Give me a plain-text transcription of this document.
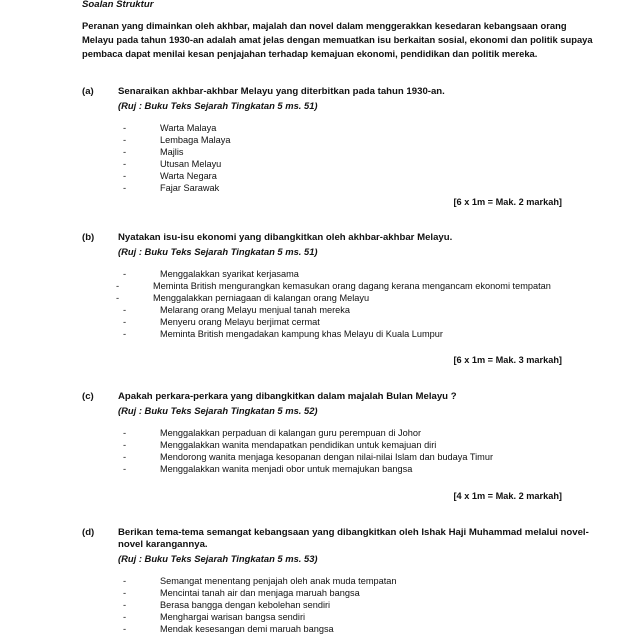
Soalan Struktur
Peranan yang dimainkan oleh akhbar, majalah dan novel dalam menggerakkan kesedaran kebangsaan orang
Melayu pada tahun 1930-an adalah amat jelas dengan memuatkan isu berkaitan sosial, ekonomi dan politik supaya
pembaca dapat menilai kesan penjajahan terhadap kemajuan ekonomi, pendidikan dan politik mereka.
(a)	Senaraikan akhbar-akhbar Melayu yang diterbitkan pada tahun 1930-an.
(Ruj : Buku Teks Sejarah Tingkatan 5 ms. 51)
-	Warta Malaya
-	Lembaga Malaya
-	Majlis
-	Utusan Melayu
-	Warta Negara
-	Fajar Sarawak
[6 x 1m = Mak. 2 markah]
(b) Nyatakan isu-isu ekonomi yang dibangkitkan oleh akhbar-akhbar Melayu.
(Ruj : Buku Teks Sejarah Tingkatan 5 ms. 51)
-	Menggalakkan syarikat kerjasama
-	Meminta British mengurangkan kemasukan orang dagang kerana mengancam ekonomi tempatan
-	Menggalakkan perniagaan di kalangan orang Melayu
-	Melarang orang Melayu menjual tanah mereka
-	Menyeru orang Melayu berjimat cermat
-	Meminta British mengadakan kampung khas Melayu di Kuala Lumpur
[6 x 1m = Mak. 3 markah]
(c)	Apakah perkara-perkara yang dibangkitkan dalam majalah Bulan Melayu ?
(Ruj : Buku Teks Sejarah Tingkatan 5 ms. 52)
-	Menggalakkan perpaduan di kalangan guru perempuan di Johor
-	Menggalakkan wanita mendapatkan pendidikan untuk kemajuan diri
-	Mendorong wanita menjaga kesopanan dengan nilai-nilai Islam dan budaya Timur
-	Menggalakkan wanita menjadi obor untuk memajukan bangsa
[4 x 1m = Mak. 2 markah]
(d) Berikan tema-tema semangat kebangsaan yang dibangkitkan oleh Ishak Haji Muhammad melalui novel-
novel karangannya.
(Ruj : Buku Teks Sejarah Tingkatan 5 ms. 53)
-	Semangat menentang penjajah oleh anak muda tempatan
-	Mencintai tanah air dan menjaga maruah bangsa
-	Berasa bangga dengan kebolehan sendiri
-	Menghargai warisan bangsa sendiri
-	Mendak kesesangan demi maruah bangsa
